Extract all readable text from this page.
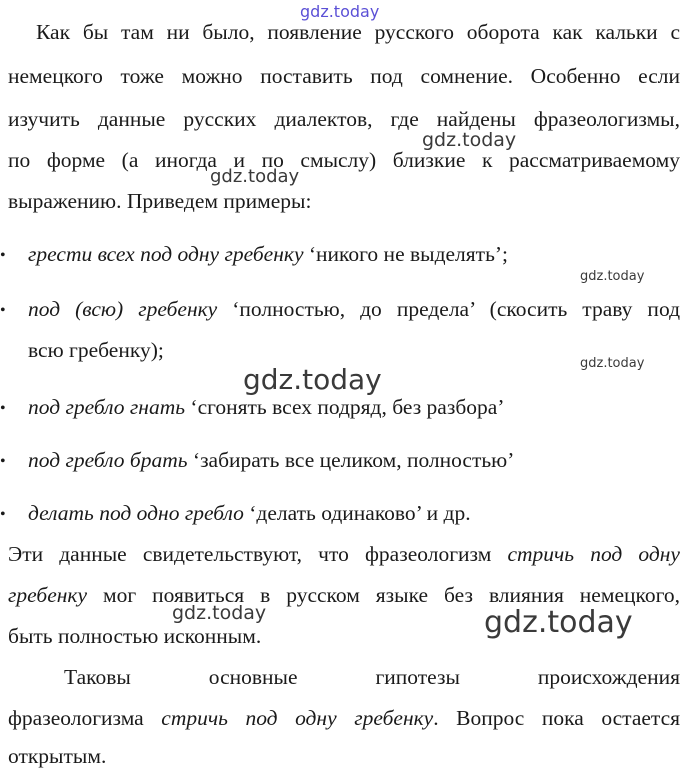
Как бы там ни было, появление русского оборота как кальки с
немецкого тоже можно поставить под сомнение. Особенно если
изучить данные русских диалектов, где найдены фразеологизмы,
по форме (а иногда и по смыслу) близкие к рассматриваемому
выражению. Приведем примеры:
• грести всех под одну гребенку ‘никого не выделять’;
• под (всю) гребенку ‘полностью, до предела’ (скосить траву под
всю гребенку);
• под гребло гнать ‘сгонять всех подряд, без разбора’
• под гребло брать ‘забирать все целиком, полностью’
• делать под одно гребло ‘делать одинаково’ и др.
Эти данные свидетельствуют, что фразеологизм стричь под одну
гребенку мог появиться в русском языке без влияния немецкого,
быть полностью исконным.
Таковы основные гипотезы происхождения
фразеологизма стричь под одну гребенку. Вопрос пока остается
открытым.
gdz.today
gdz.today
gdz.today
gdz.today
gdz.today
gdz.today
gdz.today	gdz.today
